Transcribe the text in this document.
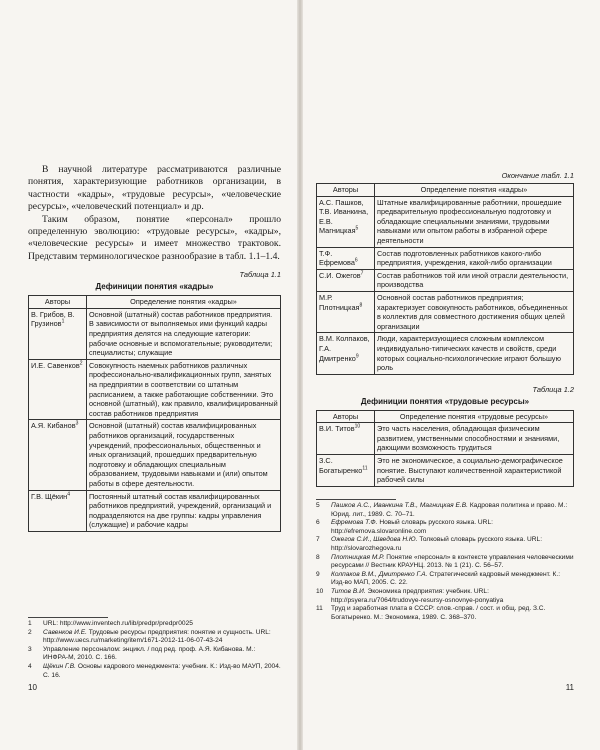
В научной литературе рассматриваются различные понятия, характеризующие работников организации, в частности «кадры», «трудовые ресурсы», «человеческие ресурсы», «человеческий потенциал» и др.

Таким образом, понятие «персонал» прошло определенную эволюцию: «трудовые ресурсы», «кадры», «человеческие ресурсы» и имеет множество трактовок. Представим терминологическое разнообразие в табл. 1.1–1.4.

Таблица 1.1

Дефиниции понятия «кадры»

Авторы	Определение понятия «кадры»
В. Грибов, В. Грузинов$^1$	Основной (штатный) состав работников предприятия. В зависимости от выполняемых ими функций кадры предприятия делятся на следующие категории: рабочие основные и вспомогательные; руководители; специалисты; служащие
И.Е. Савенков$^2$	Совокупность наемных работников различных профессионально-квалификационных групп, занятых на предприятии в соответствии со штатным расписанием, а также работающие собственники. Это основной (штатный), как правило, квалифицированный состав работников предприятия
А.Я. Кибанов$^3$	Основной (штатный) состав квалифицированных работников организаций, государственных учреждений, профессиональных, общественных и иных организаций, прошедших предварительную подготовку и обладающих специальным образованием, трудовыми навыками и (или) опытом работы в сфере деятельности.
Г.В. Щёкин$^4$	Постоянный штатный состав квалифицированных работников предприятий, учреждений, организаций и подразделяются на две группы: кадры управления (служащие) и рабочие кадры
1 URL: http://www.inventech.ru/lib/predpr/predpr0025
2 Савенков И.Е. Трудовые ресурсы предприятия: понятие и сущность. URL: http://www.uecs.ru/marketing/item/1671-2012-11-06-07-43-24
3 Управление персоналом: энцикл. / под ред. проф. А.Я. Кибанова. М.: ИНФРА-М, 2010. С. 166.
4 Щёкин Г.В. Основы кадрового менеджмента: учебник. К.: Изд-во МАУП, 2004. С. 16.
10

Окончание табл. 1.1

Авторы	Определение понятия «кадры»
А.С. Пашков, Т.В. Иванкина, Е.В. Магницкая$^5$	Штатные квалифицированные работники, прошедшие предварительную профессиональную подготовку и обладающие специальными знаниями, трудовыми навыками или опытом работы в избранной сфере деятельности
Т.Ф. Ефремова$^6$	Состав подготовленных работников какого-либо предприятия, учреждения, какой-либо организации
С.И. Ожегов$^7$	Состав работников той или иной отрасли деятельности, производства
М.Р. Плотницкая$^8$	Основной состав работников предприятия; характеризует совокупность работников, объединенных в коллектив для совместного достижения общих целей организации
В.М. Колпаков, Г.А. Дмитренко$^9$	Люди, характеризующиеся сложным комплексом индивидуально-типических качеств и свойств, среди которых социально-психологические играют большую роль

Таблица 1.2

Дефиниции понятия «трудовые ресурсы»

Авторы	Определение понятия «трудовые ресурсы»
В.И. Титов$^{10}$	Это часть населения, обладающая физическим развитием, умственными способностями и знаниями, дающими возможность трудиться
З.С. Богатыренко$^{11}$	Это не экономическое, а социально-демографическое понятие. Выступают количественной характеристикой рабочей силы
5 Пашков А.С., Иванкина Т.В., Магницкая Е.В. Кадровая политика и право. М.: Юрид. лит., 1989. С. 70–71.
6 Ефремова Т.Ф. Новый словарь русского языка. URL: http://efremova.slovaronline.com
7 Ожегов С.И., Шведова Н.Ю. Толковый словарь русского языка. URL: http://slovarozhegova.ru
8 Плотницкая М.Р. Понятие «персонал» в контексте управления человеческими ресурсами // Вестник КРАУНЦ. 2013. № 1 (21). С. 56–57.
9 Колпаков В.М., Дмитренко Г.А. Стратегический кадровый менеджмент. К.: Изд-во МАП, 2005. С. 22.
10 Титов В.И. Экономика предприятия: учебник. URL: http://psyera.ru/7064/trudovye-resursy-osnovnye-ponyatiya
11 Труд и заработная плата в СССР: слов.-справ. / сост. и общ. ред. З.С. Богатыренко. М.: Экономика, 1989. С. 368–370.
11
